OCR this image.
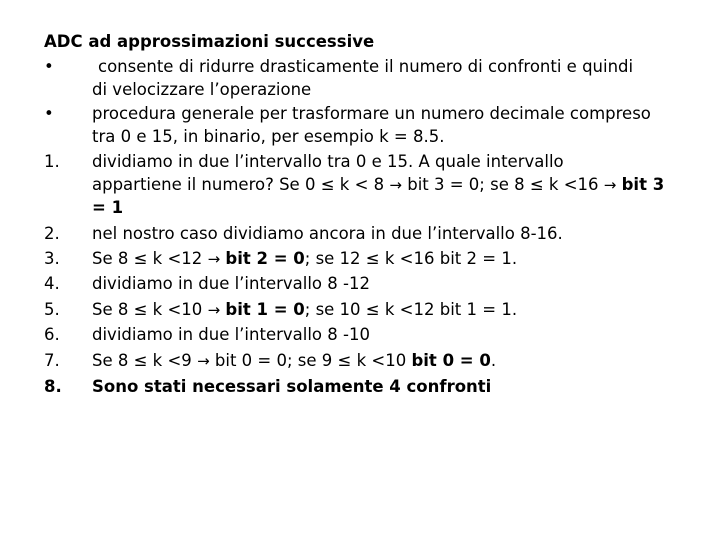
ADC ad approssimazioni successive
•	consente di ridurre drasticamente il numero di confronti e quindi
di velocizzare l’operazione
•	procedura generale per trasformare un numero decimale compreso
tra 0 e 15, in binario, per esempio k = 8.5.
1.	dividiamo in due l’intervallo tra 0 e 15. A quale intervallo
appartiene il numero? Se 0 ≤ k < 8 → bit 3 = 0; se 8 ≤ k <16 → bit 3
= 1
2.	nel nostro caso dividiamo ancora in due l’intervallo 8-16.
3.	Se 8 ≤ k <12 → bit 2 = 0; se 12 ≤ k <16 bit 2 = 1.
4.	dividiamo in due l’intervallo 8 -12
5.	Se 8 ≤ k <10 → bit 1 = 0; se 10 ≤ k <12 bit 1 = 1.
6.	dividiamo in due l’intervallo 8 -10
7.	Se 8 ≤ k <9 → bit 0 = 0; se 9 ≤ k <10 bit 0 = 0.
8.	Sono stati necessari solamente 4 confronti
